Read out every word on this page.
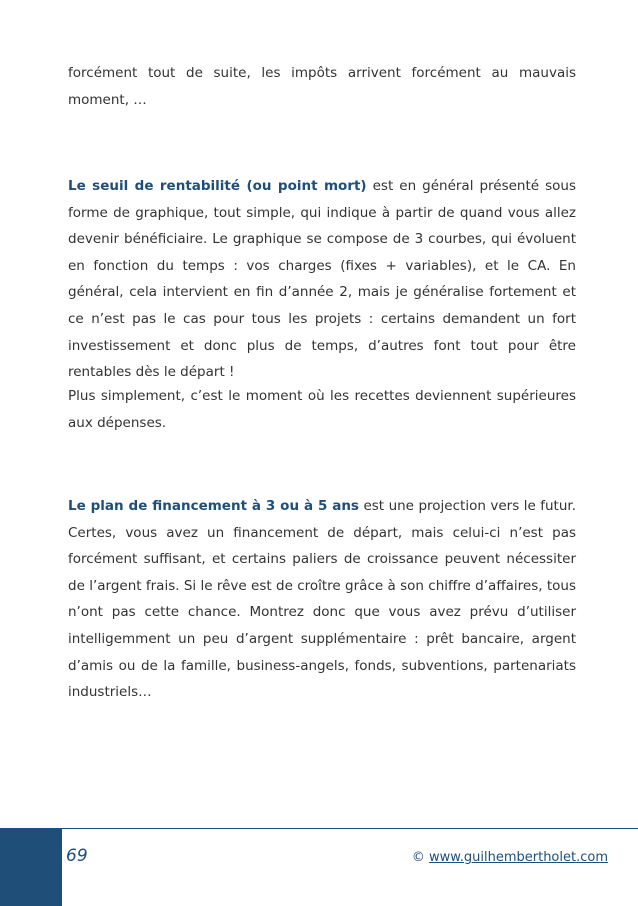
forcément tout de suite, les impôts arrivent forcément au mauvais moment, …

Le seuil de rentabilité (ou point mort) est en général présenté sous forme de graphique, tout simple, qui indique à partir de quand vous allez devenir bénéficiaire. Le graphique se compose de 3 courbes, qui évoluent en fonction du temps : vos charges (fixes + variables), et le CA. En général, cela intervient en fin d’année 2, mais je généralise fortement et ce n’est pas le cas pour tous les projets : certains demandent un fort investissement et donc plus de temps, d’autres font tout pour être rentables dès le départ !

Plus simplement, c’est le moment où les recettes deviennent supérieures aux dépenses.

Le plan de financement à 3 ou à 5 ans est une projection vers le futur. Certes, vous avez un financement de départ, mais celui-ci n’est pas forcément suffisant, et certains paliers de croissance peuvent nécessiter de l’argent frais. Si le rêve est de croître grâce à son chiffre d’affaires, tous n’ont pas cette chance. Montrez donc que vous avez prévu d’utiliser intelligemment un peu d’argent supplémentaire : prêt bancaire, argent d’amis ou de la famille, business-angels, fonds, subventions, partenariats industriels…

69	© www.guilhembertholet.com
